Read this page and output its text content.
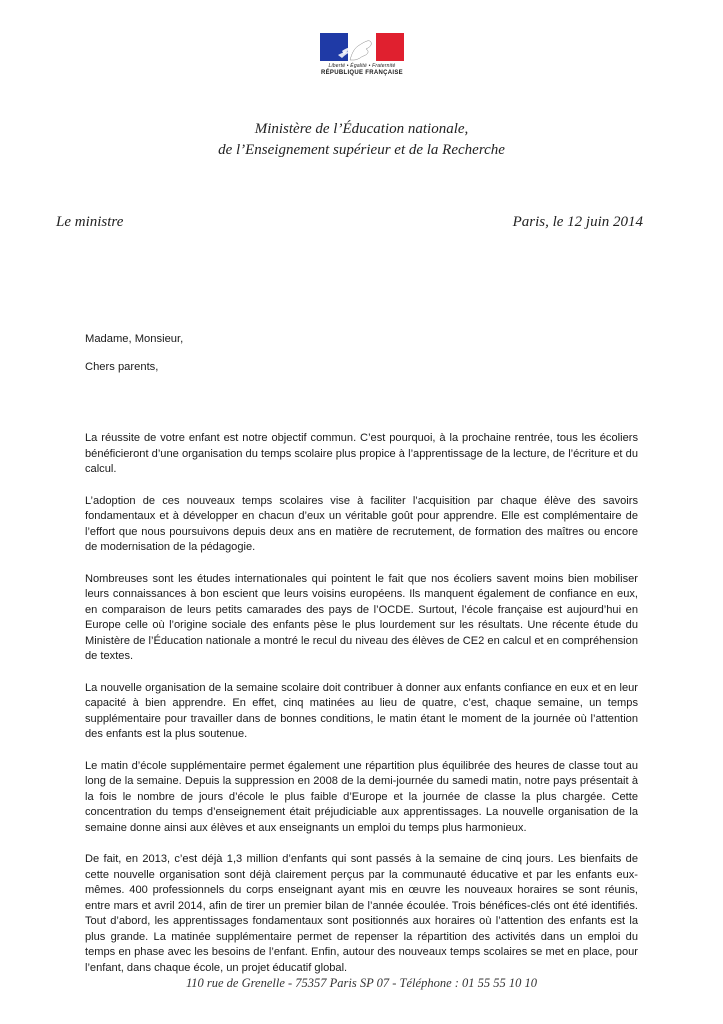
Liberté • Égalité • Fraternité
RÉPUBLIQUE FRANÇAISE
Ministère de l’Éducation nationale,
de l’Enseignement supérieur et de la Recherche
Le ministre	Paris, le 12 juin 2014
Madame, Monsieur,
Chers parents,

La réussite de votre enfant est notre objectif commun. C’est pourquoi, à la prochaine rentrée, tous les écoliers bénéficieront d’une organisation du temps scolaire plus propice à l’apprentissage de la lecture, de l’écriture et du calcul.

L’adoption de ces nouveaux temps scolaires vise à faciliter l’acquisition par chaque élève des savoirs fondamentaux et à développer en chacun d’eux un véritable goût pour apprendre. Elle est complémentaire de l’effort que nous poursuivons depuis deux ans en matière de recrutement, de formation des maîtres ou encore de modernisation de la pédagogie.

Nombreuses sont les études internationales qui pointent le fait que nos écoliers savent moins bien mobiliser leurs connaissances à bon escient que leurs voisins européens. Ils manquent également de confiance en eux, en comparaison de leurs petits camarades des pays de l’OCDE. Surtout, l’école française est aujourd’hui en Europe celle où l’origine sociale des enfants pèse le plus lourdement sur les résultats. Une récente étude du Ministère de l’Éducation nationale a montré le recul du niveau des élèves de CE2 en calcul et en compréhension de textes.

La nouvelle organisation de la semaine scolaire doit contribuer à donner aux enfants confiance en eux et en leur capacité à bien apprendre. En effet, cinq matinées au lieu de quatre, c’est, chaque semaine, un temps supplémentaire pour travailler dans de bonnes conditions, le matin étant le moment de la journée où l’attention des enfants est la plus soutenue.

Le matin d’école supplémentaire permet également une répartition plus équilibrée des heures de classe tout au long de la semaine. Depuis la suppression en 2008 de la demi-journée du samedi matin, notre pays présentait à la fois le nombre de jours d’école le plus faible d’Europe et la journée de classe la plus chargée. Cette concentration du temps d’enseignement était préjudiciable aux apprentissages. La nouvelle organisation de la semaine donne ainsi aux élèves et aux enseignants un emploi du temps plus harmonieux.

De fait, en 2013, c’est déjà 1,3 million d’enfants qui sont passés à la semaine de cinq jours. Les bienfaits de cette nouvelle organisation sont déjà clairement perçus par la communauté éducative et par les enfants eux-mêmes. 400 professionnels du corps enseignant ayant mis en œuvre les nouveaux horaires se sont réunis, entre mars et avril 2014, afin de tirer un premier bilan de l’année écoulée. Trois bénéfices-clés ont été identifiés. Tout d’abord, les apprentissages fondamentaux sont positionnés aux horaires où l’attention des enfants est la plus grande. La matinée supplémentaire permet de repenser la répartition des activités dans un emploi du temps en phase avec les besoins de l’enfant. Enfin, autour des nouveaux temps scolaires se met en place, pour l’enfant, dans chaque école, un projet éducatif global.

110 rue de Grenelle - 75357 Paris SP 07 - Téléphone : 01 55 55 10 10
